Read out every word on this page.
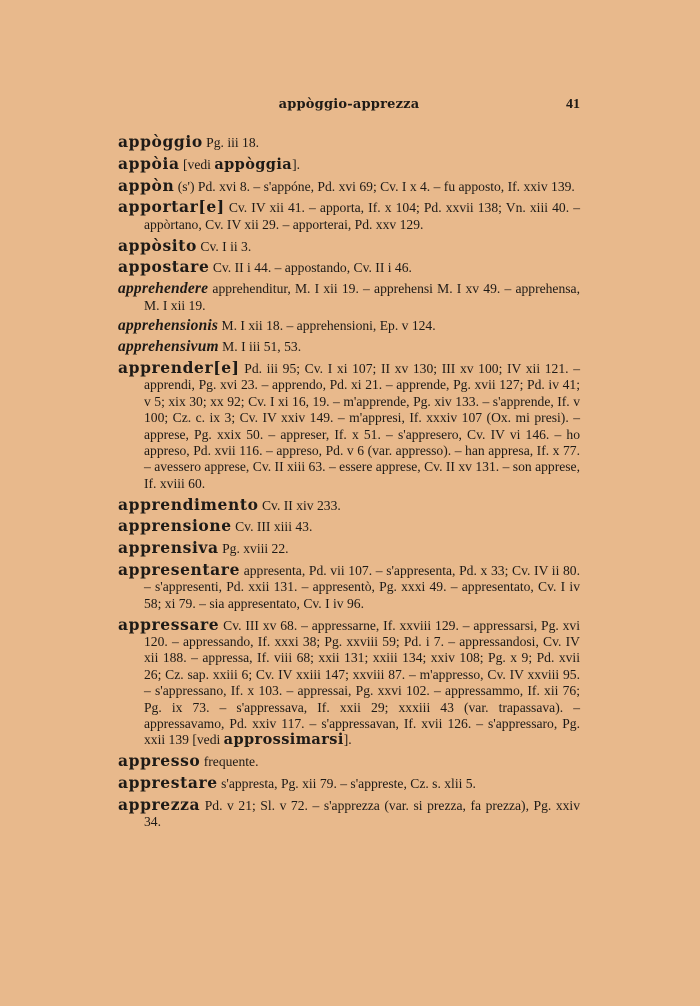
appòggio-apprezza	41

appòggio Pg. iii 18.

appòia [vedi appòggia].

appòn (s') Pd. xvi 8. – s'appóne, Pd. xvi 69; Cv. I x 4. – fu apposto, If. xxiv 139.

apportar[e] Cv. IV xii 41. – apporta, If. x 104; Pd. xxvii 138; Vn. xiii 40. – appòrtano, Cv. IV xii 29. – apporterai, Pd. xxv 129.

appòsito Cv. I ii 3.

appostare Cv. II i 44. – appostando, Cv. II i 46.

apprehendere apprehenditur, M. I xii 19. – apprehensi M. I xv 49. – apprehensa, M. I xii 19.

apprehensionis M. I xii 18. – apprehensioni, Ep. v 124.

apprehensivum M. I iii 51, 53.

apprender[e] Pd. iii 95; Cv. I xi 107; II xv 130; III xv 100; IV xii 121. – apprendi, Pg. xvi 23. – apprendo, Pd. xi 21. – apprende, Pg. xvii 127; Pd. iv 41; v 5; xix 30; xx 92; Cv. I xi 16, 19. – m'apprende, Pg. xiv 133. – s'apprende, If. v 100; Cz. c. ix 3; Cv. IV xxiv 149. – m'appresi, If. xxxiv 107 (Ox. mi presi). – apprese, Pg. xxix 50. – appreser, If. x 51. – s'appresero, Cv. IV vi 146. – ho appreso, Pd. xvii 116. – appreso, Pd. v 6 (var. appresso). – han appresa, If. x 77. – avessero apprese, Cv. II xiii 63. – essere apprese, Cv. II xv 131. – son apprese, If. xviii 60.

apprendimento Cv. II xiv 233.

apprensione Cv. III xiii 43.

apprensiva Pg. xviii 22.

appresentare appresenta, Pd. vii 107. – s'appresenta, Pd. x 33; Cv. IV ii 80. – s'appresenti, Pd. xxii 131. – appresentò, Pg. xxxi 49. – appresentato, Cv. I iv 58; xi 79. – sia appresentato, Cv. I iv 96.

appressare Cv. III xv 68. – appressarne, If. xxviii 129. – appressarsi, Pg. xvi 120. – appressando, If. xxxi 38; Pg. xxviii 59; Pd. i 7. – appressandosi, Cv. IV xii 188. – appressa, If. viii 68; xxii 131; xxiii 134; xxiv 108; Pg. x 9; Pd. xvii 26; Cz. sap. xxiii 6; Cv. IV xxiii 147; xxviii 87. – m'appresso, Cv. IV xxviii 95. – s'appressano, If. x 103. – appressai, Pg. xxvi 102. – appressammo, If. xii 76; Pg. ix 73. – s'appressava, If. xxii 29; xxxiii 43 (var. trapassava). – appressavamo, Pd. xxiv 117. – s'appressavan, If. xvii 126. – s'appressaro, Pg. xxii 139 [vedi approssimarsi].

appresso frequente.

apprestare s'appresta, Pg. xii 79. – s'apprestе, Cz. s. xlii 5.

apprezza Pd. v 21; Sl. v 72. – s'apprezza (var. si prezza, fa prezza), Pg. xxiv 34.
